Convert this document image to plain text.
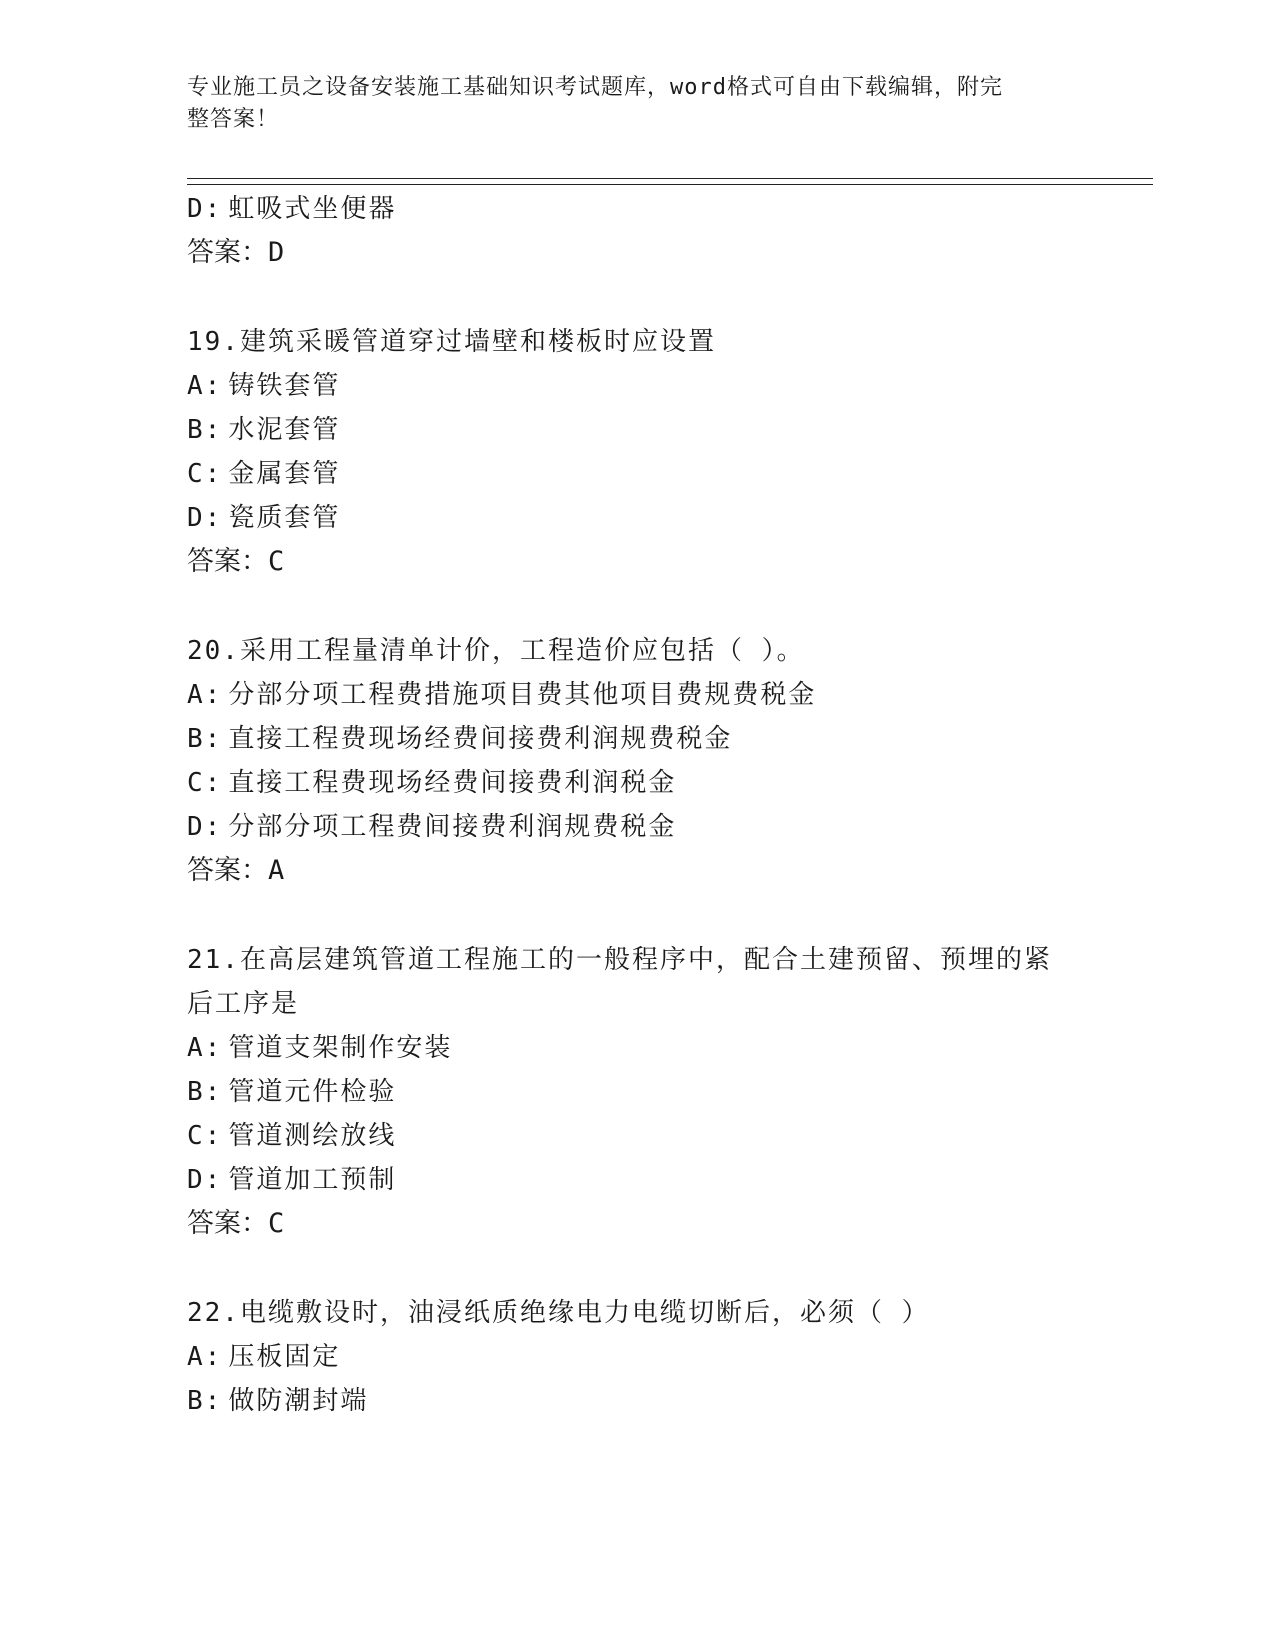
专业施工员之设备安装施工基础知识考试题库，word格式可自由下载编辑，附完
整答案！
D: 虹吸式坐便器
答案：D
19.建筑采暖管道穿过墙壁和楼板时应设置
A: 铸铁套管
B: 水泥套管
C: 金属套管
D: 瓷质套管
答案：C
20.采用工程量清单计价，工程造价应包括（ ）。
A: 分部分项工程费措施项目费其他项目费规费税金
B: 直接工程费现场经费间接费利润规费税金
C: 直接工程费现场经费间接费利润税金
D: 分部分项工程费间接费利润规费税金
答案：A
21.在高层建筑管道工程施工的一般程序中，配合土建预留、预埋的紧
后工序是
A: 管道支架制作安装
B: 管道元件检验
C: 管道测绘放线
D: 管道加工预制
答案：C
22.电缆敷设时，油浸纸质绝缘电力电缆切断后，必须（ ）
A: 压板固定
B: 做防潮封端
